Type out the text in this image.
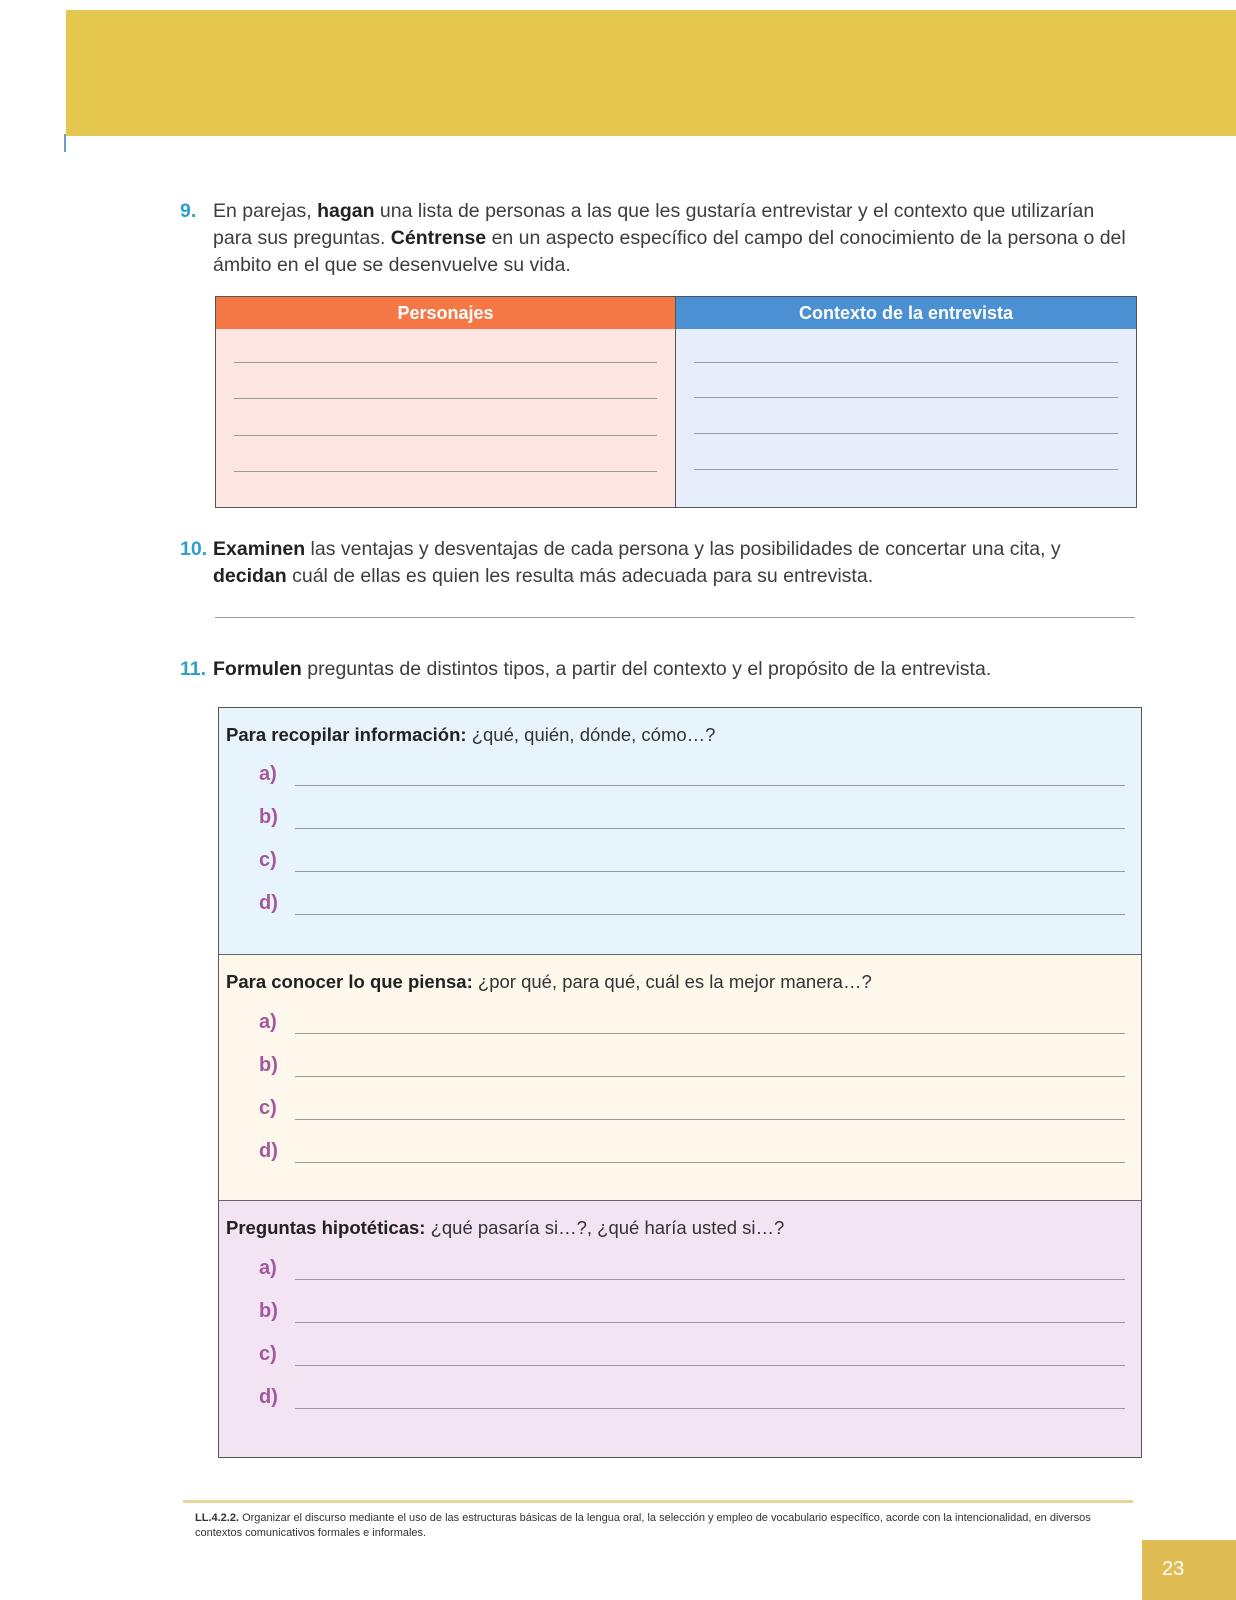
9. En parejas, hagan una lista de personas a las que les gustaría entrevistar y el contexto que utilizarían para sus preguntas. Céntrense en un aspecto específico del campo del conocimiento de la persona o del ámbito en el que se desenvuelve su vida.
Personajes	Contexto de la entrevista
10. Examinen las ventajas y desventajas de cada persona y las posibilidades de concertar una cita, y decidan cuál de ellas es quien les resulta más adecuada para su entrevista.
11. Formulen preguntas de distintos tipos, a partir del contexto y el propósito de la entrevista.
Para recopilar información: ¿qué, quién, dónde, cómo…?
a)
b)
c)
d)
Para conocer lo que piensa: ¿por qué, para qué, cuál es la mejor manera…?
a)
b)
c)
d)
Preguntas hipotéticas: ¿qué pasaría si…?, ¿qué haría usted si…?
a)
b)
c)
d)
LL.4.2.2. Organizar el discurso mediante el uso de las estructuras básicas de la lengua oral, la selección y empleo de vocabulario específico, acorde con la intencionalidad, en diversos contextos comunicativos formales e informales.
23
